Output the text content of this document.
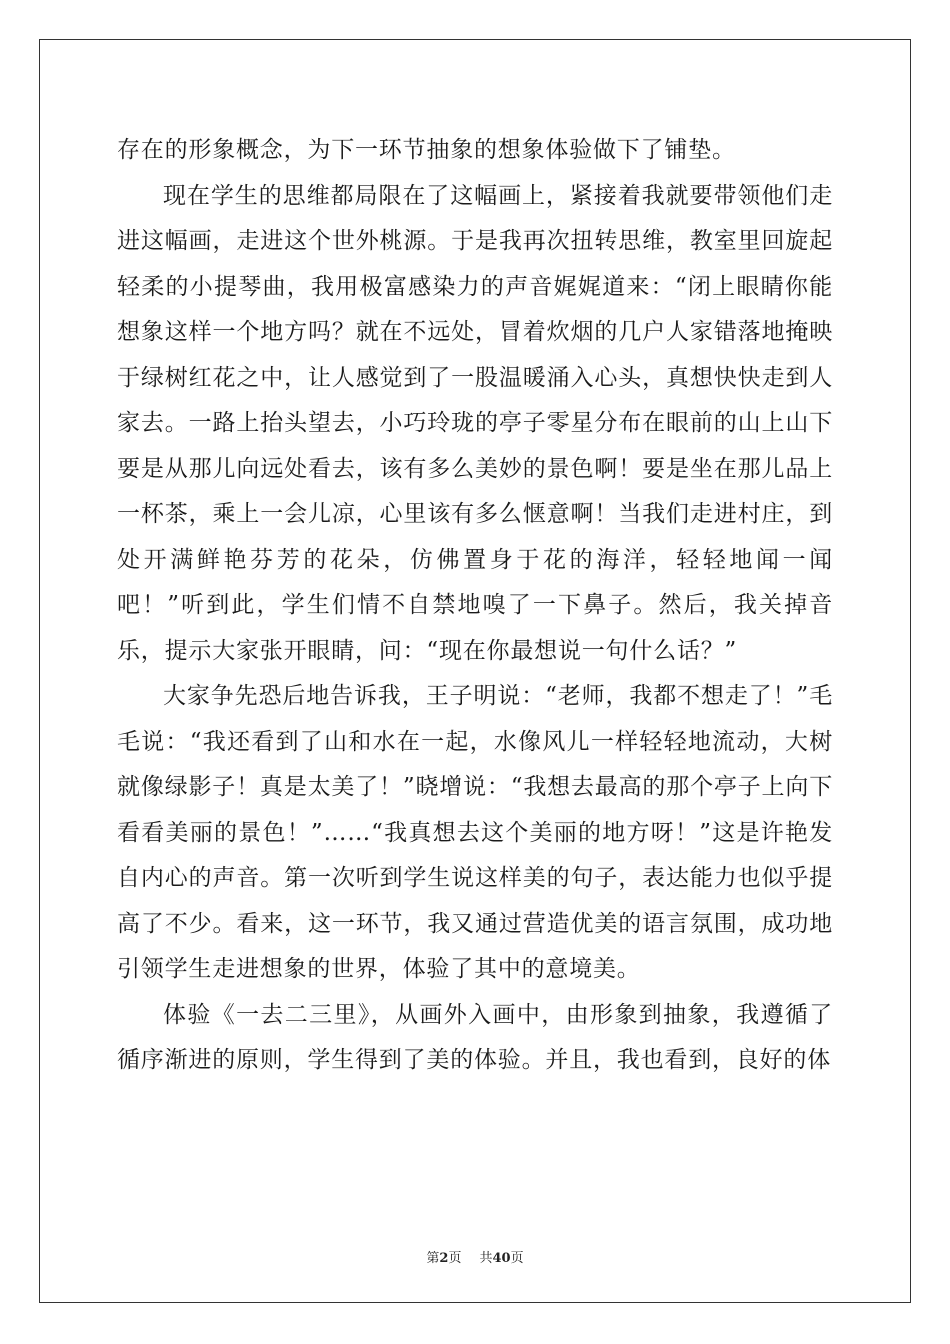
存在的形象概念，为下一环节抽象的想象体验做下了铺垫。

现在学生的思维都局限在了这幅画上，紧接着我就要带领他们走进这幅画，走进这个世外桃源。于是我再次扭转思维，教室里回旋起轻柔的小提琴曲，我用极富感染力的声音娓娓道来：“闭上眼睛你能想象这样一个地方吗？就在不远处，冒着炊烟的几户人家错落地掩映于绿树红花之中，让人感觉到了一股温暖涌入心头，真想快快走到人家去。一路上抬头望去，小巧玲珑的亭子零星分布在眼前的山上山下要是从那儿向远处看去，该有多么美妙的景色啊！要是坐在那儿品上一杯茶，乘上一会儿凉，心里该有多么惬意啊！当我们走进村庄，到处开满鲜艳芬芳的花朵，仿佛置身于花的海洋，轻轻地闻一闻吧！”听到此，学生们情不自禁地嗅了一下鼻子。然后，我关掉音乐，提示大家张开眼睛，问：“现在你最想说一句什么话？”

大家争先恐后地告诉我，王子明说：“老师，我都不想走了！”毛毛说：“我还看到了山和水在一起，水像风儿一样轻轻地流动，大树就像绿影子！真是太美了！”晓增说：“我想去最高的那个亭子上向下看看美丽的景色！”……“我真想去这个美丽的地方呀！”这是许艳发自内心的声音。第一次听到学生说这样美的句子，表达能力也似乎提高了不少。看来，这一环节，我又通过营造优美的语言氛围，成功地引领学生走进想象的世界，体验了其中的意境美。

体验《一去二三里》，从画外入画中，由形象到抽象，我遵循了循序渐进的原则，学生得到了美的体验。并且，我也看到，良好的体

第2页 共40页
